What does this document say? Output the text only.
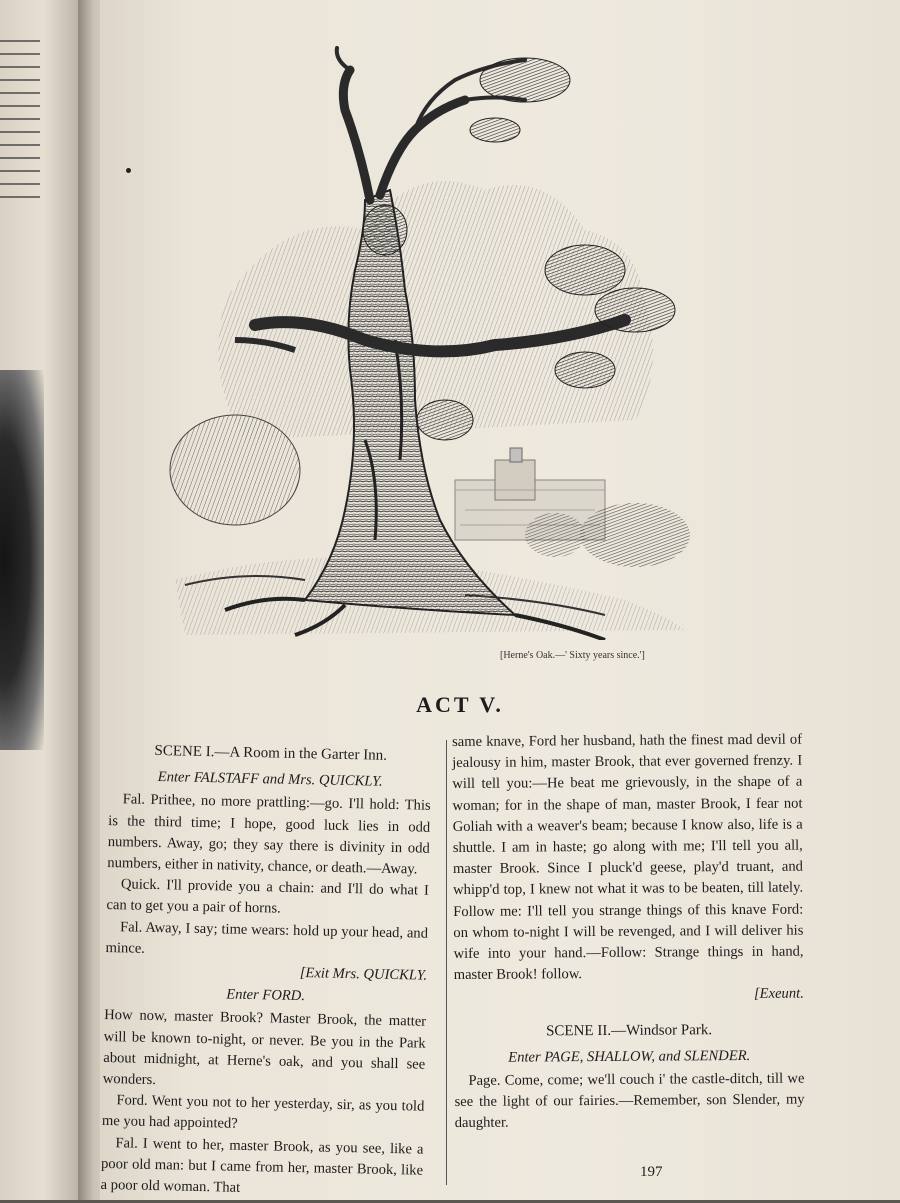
[Herne's Oak.—' Sixty years since.']
ACT V.

SCENE I.—A Room in the Garter Inn.

Enter FALSTAFF and Mrs. QUICKLY.

Fal. Prithee, no more prattling:—go. I'll hold: This is the third time; I hope, good luck lies in odd numbers. Away, go; they say there is divinity in odd numbers, either in nativity, chance, or death.—Away.

Quick. I'll provide you a chain: and I'll do what I can to get you a pair of horns.

Fal. Away, I say; time wears: hold up your head, and mince.

[Exit Mrs. QUICKLY.

Enter FORD.

How now, master Brook? Master Brook, the matter will be known to-night, or never. Be you in the Park about midnight, at Herne's oak, and you shall see wonders.

Ford. Went you not to her yesterday, sir, as you told me you had appointed?

Fal. I went to her, master Brook, as you see, like a poor old man: but I came from her, master Brook, like a poor old woman. That

same knave, Ford her husband, hath the finest mad devil of jealousy in him, master Brook, that ever governed frenzy. I will tell you:—He beat me grievously, in the shape of a woman; for in the shape of man, master Brook, I fear not Goliah with a weaver's beam; because I know also, life is a shuttle. I am in haste; go along with me; I'll tell you all, master Brook. Since I pluck'd geese, play'd truant, and whipp'd top, I knew not what it was to be beaten, till lately. Follow me: I'll tell you strange things of this knave Ford: on whom to-night I will be revenged, and I will deliver his wife into your hand.—Follow: Strange things in hand, master Brook! follow.

[Exeunt.

SCENE II.—Windsor Park.

Enter PAGE, SHALLOW, and SLENDER.

Page. Come, come; we'll couch i' the castle-ditch, till we see the light of our fairies.—Remember, son Slender, my daughter.

197
